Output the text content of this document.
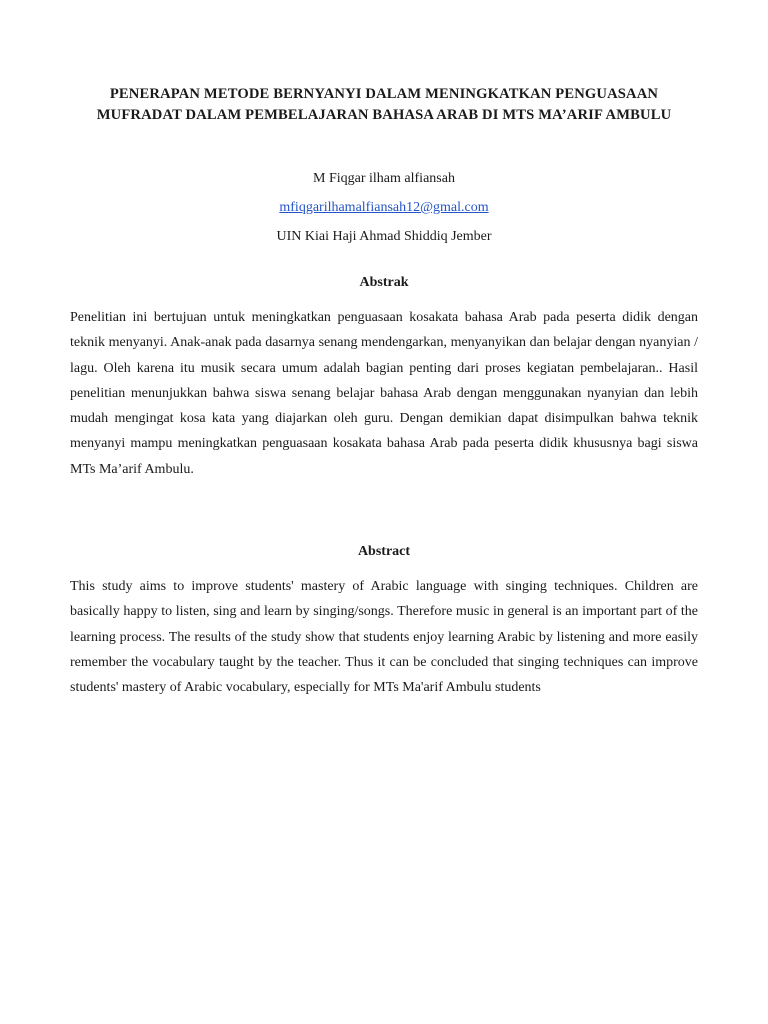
PENERAPAN METODE BERNYANYI DALAM MENINGKATKAN PENGUASAAN
MUFRADAT DALAM PEMBELAJARAN BAHASA ARAB DI MTS MA’ARIF AMBULU
M Fiqgar ilham alfiansah
mfiqgarilhamalfiansah12@gmal.com
UIN Kiai Haji Ahmad Shiddiq Jember
Abstrak

Penelitian ini bertujuan untuk meningkatkan penguasaan kosakata bahasa Arab pada peserta didik dengan teknik menyanyi. Anak-anak pada dasarnya senang mendengarkan, menyanyikan dan belajar dengan nyanyian / lagu. Oleh karena itu musik secara umum adalah bagian penting dari proses kegiatan pembelajaran.. Hasil penelitian menunjukkan bahwa siswa senang belajar bahasa Arab dengan menggunakan nyanyian dan lebih mudah mengingat kosa kata yang diajarkan oleh guru. Dengan demikian dapat disimpulkan bahwa teknik menyanyi mampu meningkatkan penguasaan kosakata bahasa Arab pada peserta didik khususnya bagi siswa MTs Ma’arif Ambulu.

Abstract

This study aims to improve students' mastery of Arabic language with singing techniques. Children are basically happy to listen, sing and learn by singing/songs. Therefore music in general is an important part of the learning process. The results of the study show that students enjoy learning Arabic by listening and more easily remember the vocabulary taught by the teacher. Thus it can be concluded that singing techniques can improve students' mastery of Arabic vocabulary, especially for MTs Ma'arif Ambulu students
